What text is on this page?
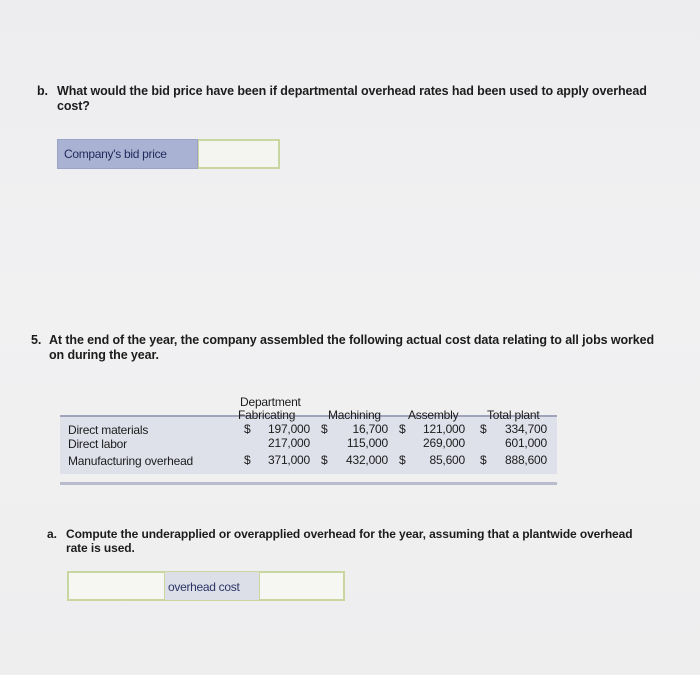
b. What would the bid price have been if departmental overhead rates had been used to apply overhead
cost?
Company's bid price
5. At the end of the year, the company assembled the following actual cost data relating to all jobs worked
on during the year.
Department
Fabricating	Machining Assembly Total plant
Direct materials	$	197,000 $	16,700 $	121,000 $	334,700
Direct labor	217,000	115,000	269,000	601,000
Manufacturing overhead	$	371,000 $	432,000 $	85,600 $	888,600
a. Compute the underapplied or overapplied overhead for the year, assuming that a plantwide overhead
rate is used.
overhead cost
